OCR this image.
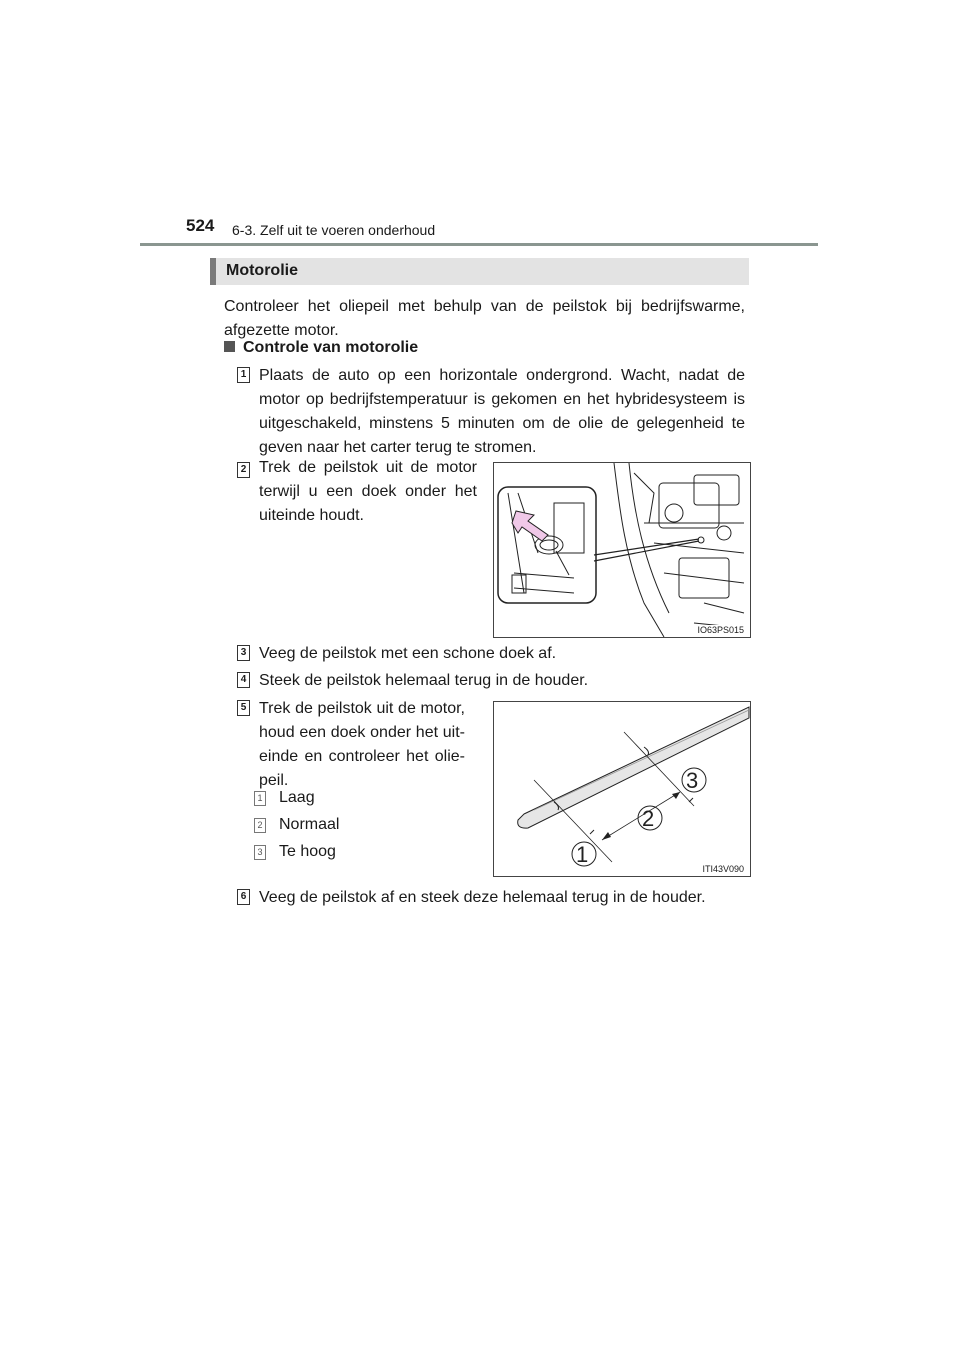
524 6-3. Zelf uit te voeren onderhoud
Motorolie
Controleer het oliepeil met behulp van de peilstok bij bedrijfswarme, afgezette motor.
Controle van motorolie
1 Plaats de auto op een horizontale ondergrond. Wacht, nadat de motor op bedrijfstemperatuur is gekomen en het hybridesysteem is uitgeschakeld, minstens 5 minuten om de olie de gelegenheid te geven naar het carter terug te stromen.
2 Trek de peilstok uit de motor terwijl u een doek onder het uiteinde houdt.
IO63PS015
3 Veeg de peilstok met een schone doek af.
4 Steek de peilstok helemaal terug in de houder.
5 Trek de peilstok uit de motor, houd een doek onder het uit-einde en controleer het olie-peil.
1 Laag
2 Normaal
3 Te hoog
3
2
1
ITI43V090
6 Veeg de peilstok af en steek deze helemaal terug in de houder.
